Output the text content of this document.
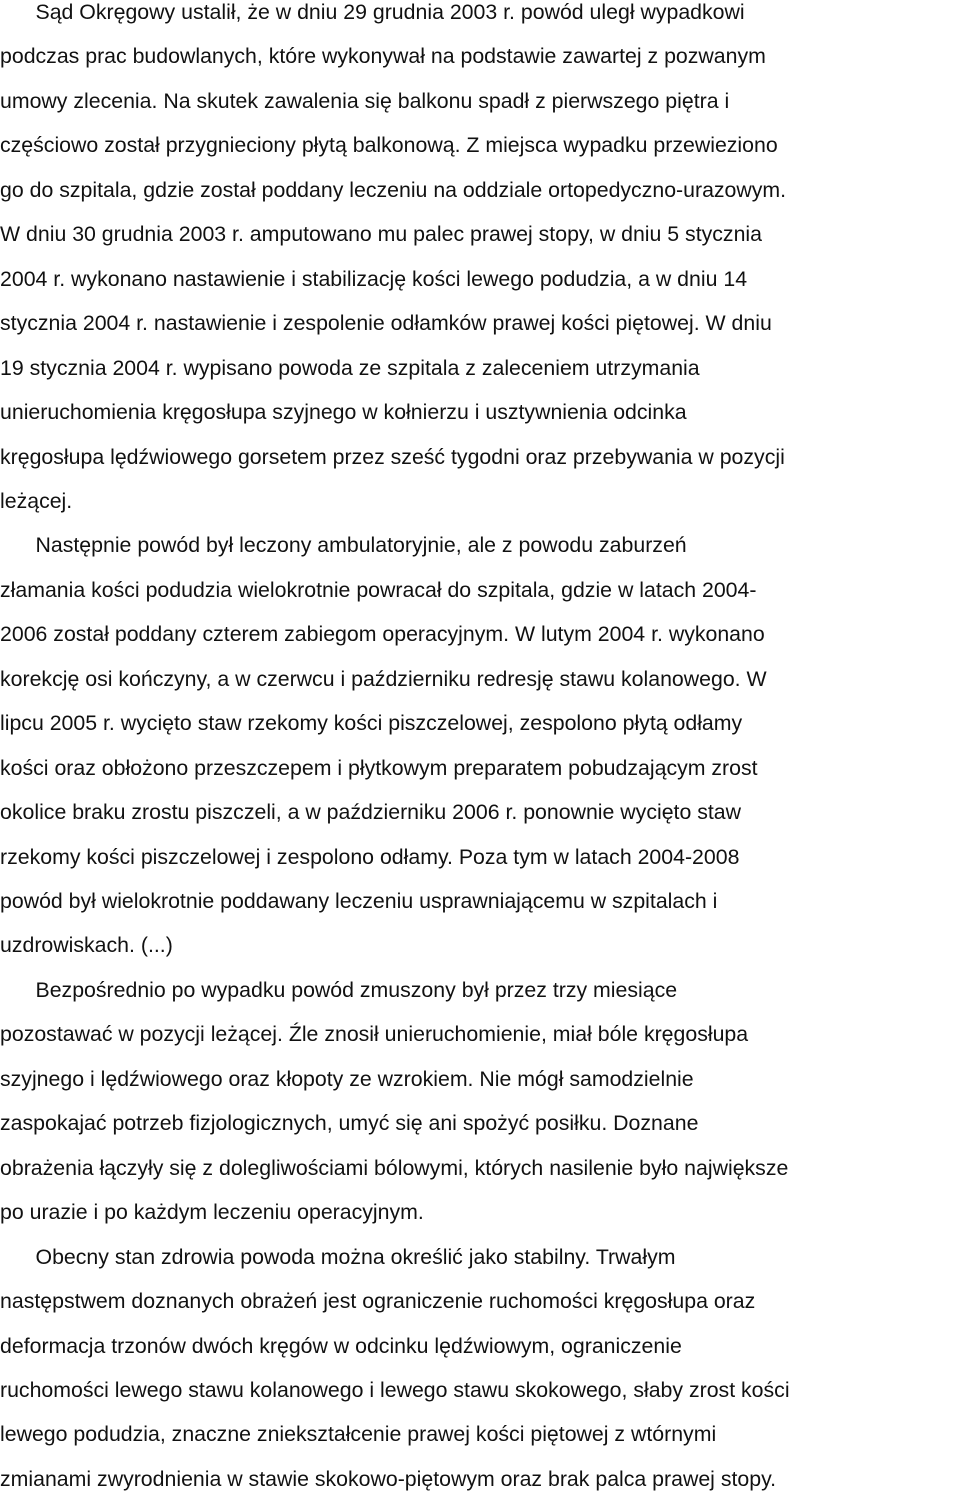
Sąd Okręgowy ustalił, że w dniu 29 grudnia 2003 r. powód uległ wypadkowi

podczas prac budowlanych, które wykonywał na podstawie zawartej z pozwanym

umowy zlecenia. Na skutek zawalenia się balkonu spadł z pierwszego piętra i

częściowo został przygnieciony płytą balkonową. Z miejsca wypadku przewieziono

go do szpitala, gdzie został poddany leczeniu na oddziale ortopedyczno-urazowym.

W dniu 30 grudnia 2003 r. amputowano mu palec prawej stopy, w dniu 5 stycznia

2004 r. wykonano nastawienie i stabilizację kości lewego podudzia, a w dniu 14

stycznia 2004 r. nastawienie i zespolenie odłamków prawej kości piętowej. W dniu

19 stycznia 2004 r. wypisano powoda ze szpitala z zaleceniem utrzymania

unieruchomienia kręgosłupa szyjnego w kołnierzu i usztywnienia odcinka

kręgosłupa lędźwiowego gorsetem przez sześć tygodni oraz przebywania w pozycji

leżącej.

Następnie powód był leczony ambulatoryjnie, ale z powodu zaburzeń

złamania kości podudzia wielokrotnie powracał do szpitala, gdzie w latach 2004-

2006 został poddany czterem zabiegom operacyjnym. W lutym 2004 r. wykonano

korekcję osi kończyny, a w czerwcu i październiku redresję stawu kolanowego. W

lipcu 2005 r. wycięto staw rzekomy kości piszczelowej, zespolono płytą odłamy

kości oraz obłożono przeszczepem i płytkowym preparatem pobudzającym zrost

okolice braku zrostu piszczeli, a w październiku 2006 r. ponownie wycięto staw

rzekomy kości piszczelowej i zespolono odłamy. Poza tym w latach 2004-2008

powód był wielokrotnie poddawany leczeniu usprawniającemu w szpitalach i

uzdrowiskach. (...)

Bezpośrednio po wypadku powód zmuszony był przez trzy miesiące

pozostawać w pozycji leżącej. Źle znosił unieruchomienie, miał bóle kręgosłupa

szyjnego i lędźwiowego oraz kłopoty ze wzrokiem. Nie mógł samodzielnie

zaspokajać potrzeb fizjologicznych, umyć się ani spożyć posiłku. Doznane

obrażenia łączyły się z dolegliwościami bólowymi, których nasilenie było największe

po urazie i po każdym leczeniu operacyjnym.

Obecny stan zdrowia powoda można określić jako stabilny. Trwałym

następstwem doznanych obrażeń jest ograniczenie ruchomości kręgosłupa oraz

deformacja trzonów dwóch kręgów w odcinku lędźwiowym, ograniczenie

ruchomości lewego stawu kolanowego i lewego stawu skokowego, słaby zrost kości

lewego podudzia, znaczne zniekształcenie prawej kości piętowej z wtórnymi

zmianami zwyrodnienia w stawie skokowo-piętowym oraz brak palca prawej stopy.
